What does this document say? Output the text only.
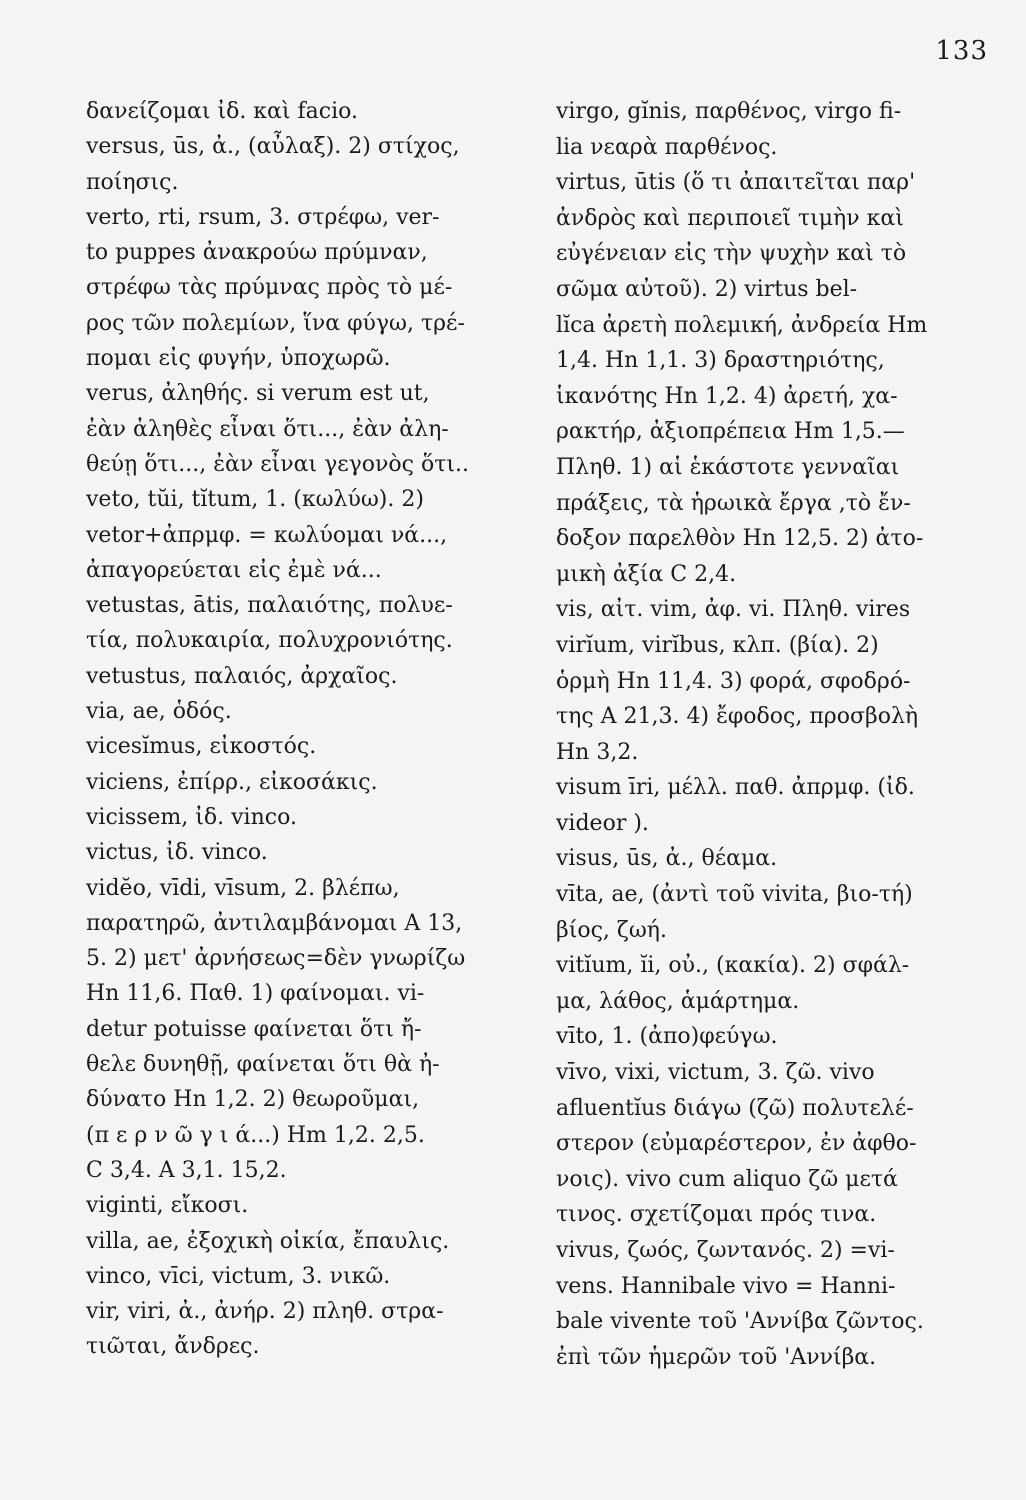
133
δανείζομαι ἰδ. καὶ facio.
versus, ūs, ἀ., (αὖλαξ). 2) στίχος,
ποίησις.
verto, rti, rsum, 3. στρέφω, ver-
to puppes ἀνακρούω πρύμναν,
στρέφω τὰς πρύμνας πρὸς τὸ μέ-
ρος τῶν πολεμίων, ἵνα φύγω, τρέ-
πομαι εἰς φυγήν, ὑποχωρῶ.
verus, ἀληθής. si verum est ut,
ἐὰν ἀληθὲς εἶναι ὅτι..., ἐὰν ἀλη-
θεύῃ ὅτι..., ἐὰν εἶναι γεγονὸς ὅτι..
veto, tŭi, tĭtum, 1. (κωλύω). 2)
vetor+ἀπρμφ. = κωλύομαι νά...,
ἀπαγορεύεται εἰς ἐμὲ νά...
vetustas, ātis, παλαιότης, πολυε-
τία, πολυκαιρία, πολυχρονιότης.
vetustus, παλαιός, ἀρχαῖος.
via, ae, ὁδός.
vicesĭmus, εἰκοστός.
viciens, ἐπίρρ., εἰκοσάκις.
vicissem, ἰδ. vinco.
victus, ἰδ. vinco.
vidĕo, vīdi, vīsum, 2. βλέπω,
παρατηρῶ, ἀντιλαμβάνομαι A 13,
5. 2) μετ' ἀρνήσεως=δὲν γνωρίζω
Hn 11,6. Παθ. 1) φαίνομαι. vi-
detur potuisse φαίνεται ὅτι ἤ-
θελε δυνηθῇ, φαίνεται ὅτι θὰ ἠ-
δύνατο Hn 1,2. 2) θεωροῦμαι,
(π ε ρ ν ῶ γ ι ά...) Hm 1,2. 2,5.
C 3,4. A 3,1. 15,2.
viginti, εἴκοσι.
villa, ae, ἐξοχικὴ οἰκία, ἔπαυλις.
vinco, vīci, victum, 3. νικῶ.
vir, viri, ἀ., ἀνήρ. 2) πληθ. στρα-
τιῶται, ἄνδρες.
virgo, gĭnis, παρθένος, virgo fi-
lia νεαρὰ παρθένος.
virtus, ūtis (ὅ τι ἀπαιτεῖται παρ'
ἀνδρὸς καὶ περιποιεῖ τιμὴν καὶ
εὐγένειαν εἰς τὴν ψυχὴν καὶ τὸ
σῶμα αὐτοῦ). 2) virtus bel-
lĭca ἀρετὴ πολεμική, ἀνδρεία Hm
1,4. Hn 1,1. 3) δραστηριότης,
ἱκανότης Hn 1,2. 4) ἀρετή, χα-
ρακτήρ, ἀξιοπρέπεια Hm 1,5.—
Πληθ. 1) αἱ ἑκάστοτε γενναῖαι
πράξεις, τὰ ἡρωικὰ ἔργα ,τὸ ἔν-
δοξον παρελθὸν Hn 12,5. 2) ἀτο-
μικὴ ἀξία C 2,4.
vis, αἰτ. vim, ἀφ. vi. Πληθ. vires
virĭum, virĭbus, κλπ. (βία). 2)
ὁρμὴ Hn 11,4. 3) φορά, σφοδρό-
της A 21,3. 4) ἔφοδος, προσβολὴ
Hn 3,2.
visum īri, μέλλ. παθ. ἀπρμφ. (ἰδ.
videor ).
visus, ūs, ἀ., θέαμα.
vīta, ae, (ἀντὶ τοῦ vivita, βιο-τή)
βίος, ζωή.
vitĭum, ĭi, οὐ., (κακία). 2) σφάλ-
μα, λάθος, ἁμάρτημα.
vīto, 1. (ἀπο)φεύγω.
vīvo, vixi, victum, 3. ζῶ. vivo
afluentĭus διάγω (ζῶ) πολυτελέ-
στερον (εὐμαρέστερον, ἐν ἀφθο-
νοις). vivo cum aliquo ζῶ μετά
τινος. σχετίζομαι πρός τινα.
vivus, ζωός, ζωντανός. 2) =vi-
vens. Hannibale vivo = Hanni-
bale vivente τοῦ 'Αννίβα ζῶντος.
ἐπὶ τῶν ἡμερῶν τοῦ 'Αννίβα.
